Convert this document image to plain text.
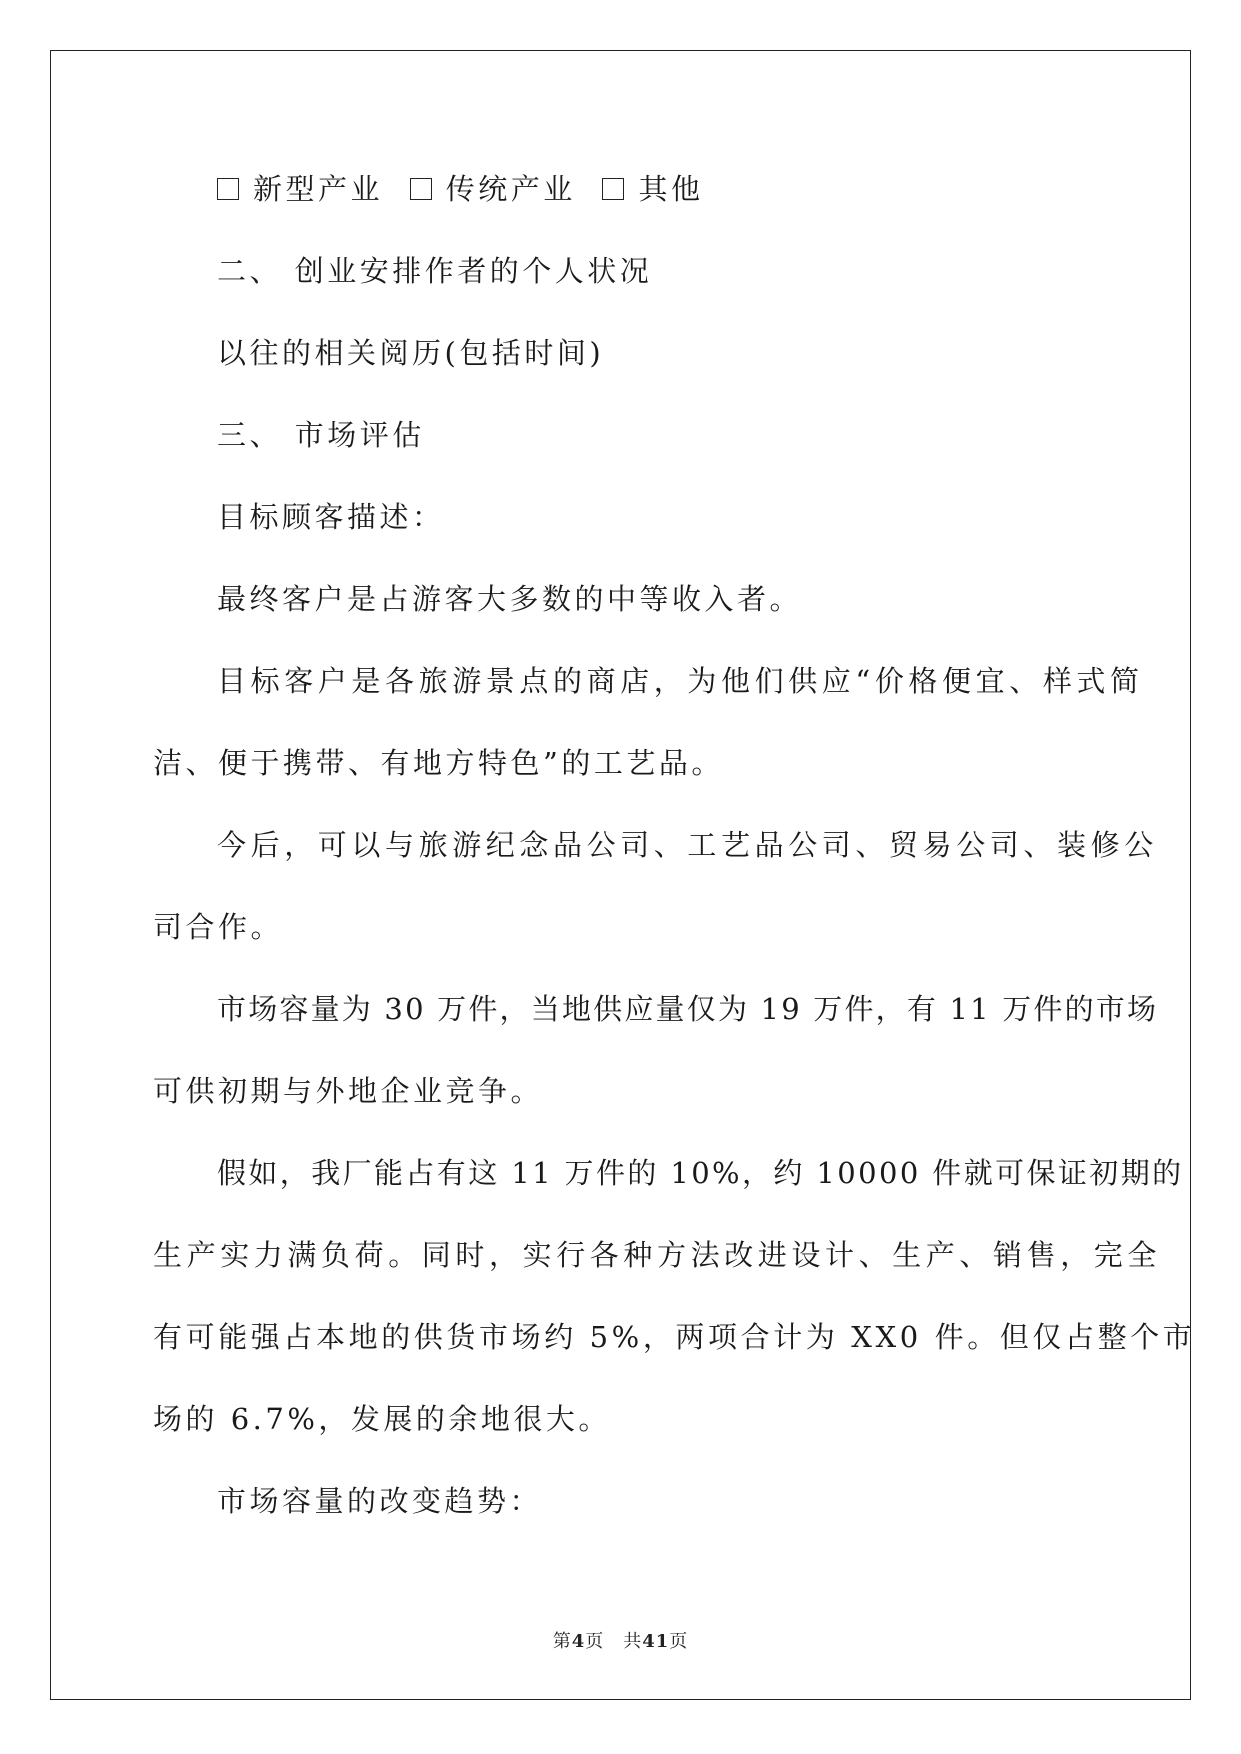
新型产业 传统产业 其他
二、 创业安排作者的个人状况
以往的相关阅历(包括时间)
三、 市场评估
目标顾客描述：
最终客户是占游客大多数的中等收入者。
目标客户是各旅游景点的商店，为他们供应“价格便宜、样式简
洁、便于携带、有地方特色”的工艺品。
今后，可以与旅游纪念品公司、工艺品公司、贸易公司、装修公
司合作。
市场容量为 30 万件，当地供应量仅为 19 万件，有 11 万件的市场
可供初期与外地企业竞争。
假如，我厂能占有这 11 万件的 10%，约 10000 件就可保证初期的
生产实力满负荷。同时，实行各种方法改进设计、生产、销售，完全
有可能强占本地的供货市场约 5%，两项合计为 XX0 件。但仅占整个市
场的 6.7%，发展的余地很大。
市场容量的改变趋势：
第4页　共41页
